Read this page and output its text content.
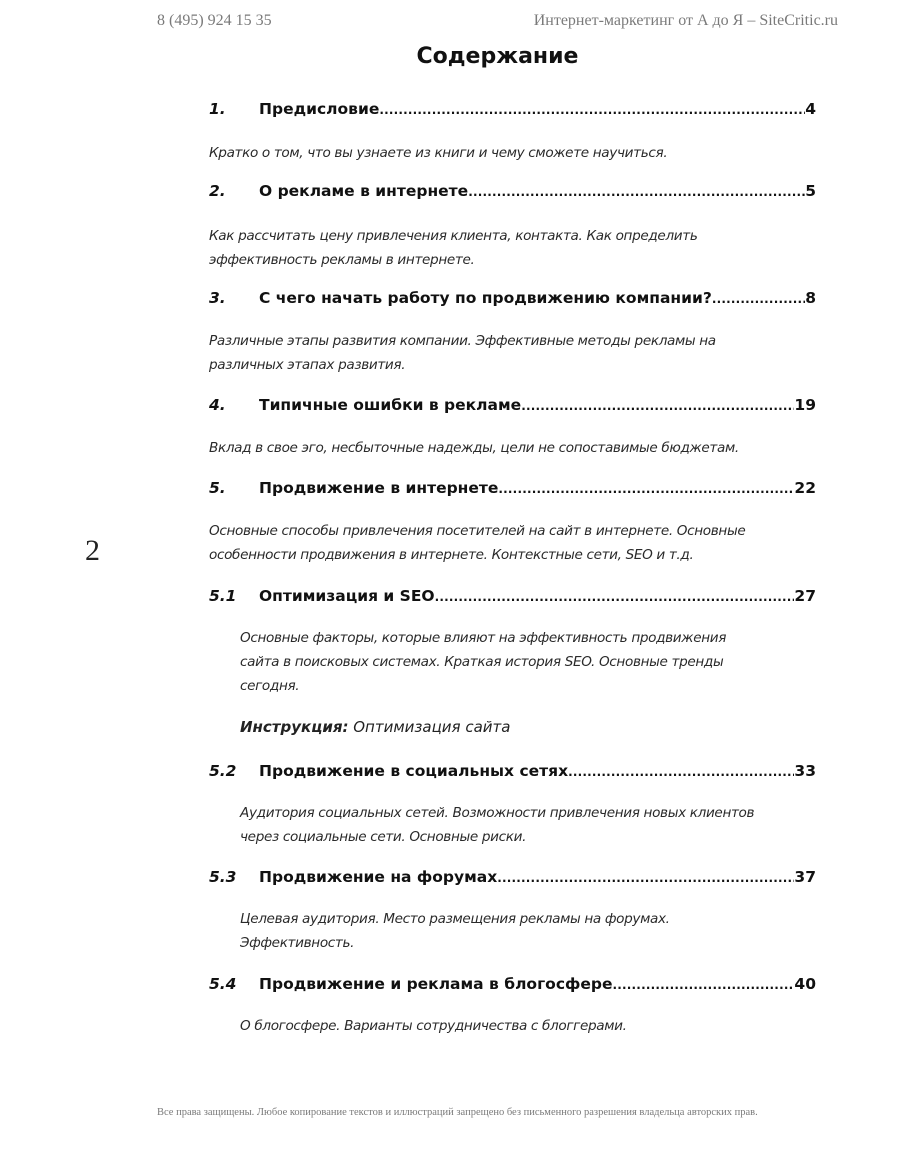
8 (495) 924 15 35	Интернет-маркетинг от А до Я – SiteCritic.ru
Содержание
2
1.	Предисловие .....	4
Кратко о том, что вы узнаете из книги и чему сможете научиться.
2.	О рекламе в интернете .....	5
Как рассчитать цену привлечения клиента, контакта. Как определить
эффективность рекламы в интернете.
3.	С чего начать работу по продвижению компании? .....	8
Различные этапы развития компании. Эффективные методы рекламы на
различных этапах развития.
4.	Типичные ошибки в рекламе .....	19
Вклад в свое эго, несбыточные надежды, цели не сопоставимые бюджетам.
5.	Продвижение в интернете .....	22
Основные способы привлечения посетителей на сайт в интернете. Основные
особенности продвижения в интернете. Контекстные сети, SEO и т.д.
5.1	Оптимизация и SEO .....	27
Основные факторы, которые влияют на эффективность продвижения
сайта в поисковых системах. Краткая история SEO. Основные тренды
сегодня.
Инструкция: Оптимизация сайта
5.2	Продвижение в социальных сетях .....	33
Аудитория социальных сетей. Возможности привлечения новых клиентов
через социальные сети. Основные риски.
5.3	Продвижение на форумах .....	37
Целевая аудитория. Место размещения рекламы на форумах.
Эффективность.
5.4	Продвижение и реклама в блогосфере .....	40
О блогосфере. Варианты сотрудничества с блоггерами.
Все права защищены. Любое копирование текстов и иллюстраций запрещено без письменного разрешения владельца авторских прав.
